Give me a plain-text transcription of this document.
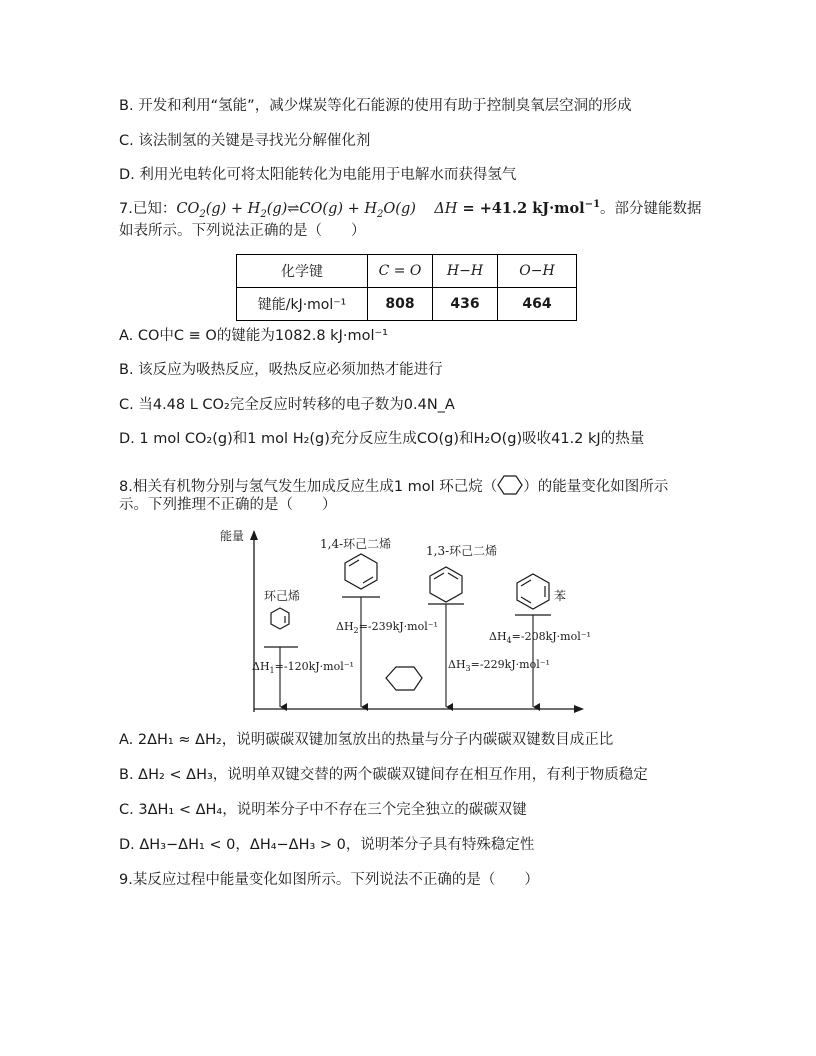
B. 开发和利用“氢能”，减少煤炭等化石能源的使用有助于控制臭氧层空洞的形成
C. 该法制氢的关键是寻找光分解催化剂
D. 利用光电转化可将太阳能转化为电能用于电解水而获得氢气
7.已知：$CO_2(g)$ + $H_2(g)\rightleftharpoons CO(g) + H_2O(g) \Delta H = +41.2$ kJ·mol$^{-1}$。部分键能数据
如表所示。下列说法正确的是（　　）
化学键	C = O	H−H	O−H
键能/kJ·mol⁻¹	808	436	464
A. CO中C ≡ O的键能为1082.8 kJ·mol⁻¹
B. 该反应为吸热反应，吸热反应必须加热才能进行
C. 当4.48 L CO₂完全反应时转移的电子数为0.4N_A
D. 1 mol CO₂(g)和1 mol H₂(g)充分反应生成CO(g)和H₂O(g)吸收41.2 kJ的热量
8.相关有机物分别与氢气发生加成反应生成1 mol 环己烷（ ）的能量变化如图所示
示。下列推理不正确的是（　　）
能量
环己烯
$\Delta H_1=-120kJ\cdot mol^{-1}$
1,4-环己二烯
$\Delta H_2=-239kJ\cdot mol^{-1}$
1,3-环己二烯
$\Delta H_3=-229kJ\cdot mol^{-1}$
苯
$\Delta H_4=-208kJ\cdot mol^{-1}$
A. 2ΔH₁ ≈ ΔH₂，说明碳碳双键加氢放出的热量与分子内碳碳双键数目成正比
B. ΔH₂ < ΔH₃，说明单双键交替的两个碳碳双键间存在相互作用，有利于物质稳定
C. 3ΔH₁ < ΔH₄，说明苯分子中不存在三个完全独立的碳碳双键
D. ΔH₃−ΔH₁ < 0，ΔH₄−ΔH₃ > 0，说明苯分子具有特殊稳定性
9.某反应过程中能量变化如图所示。下列说法不正确的是（　　）
